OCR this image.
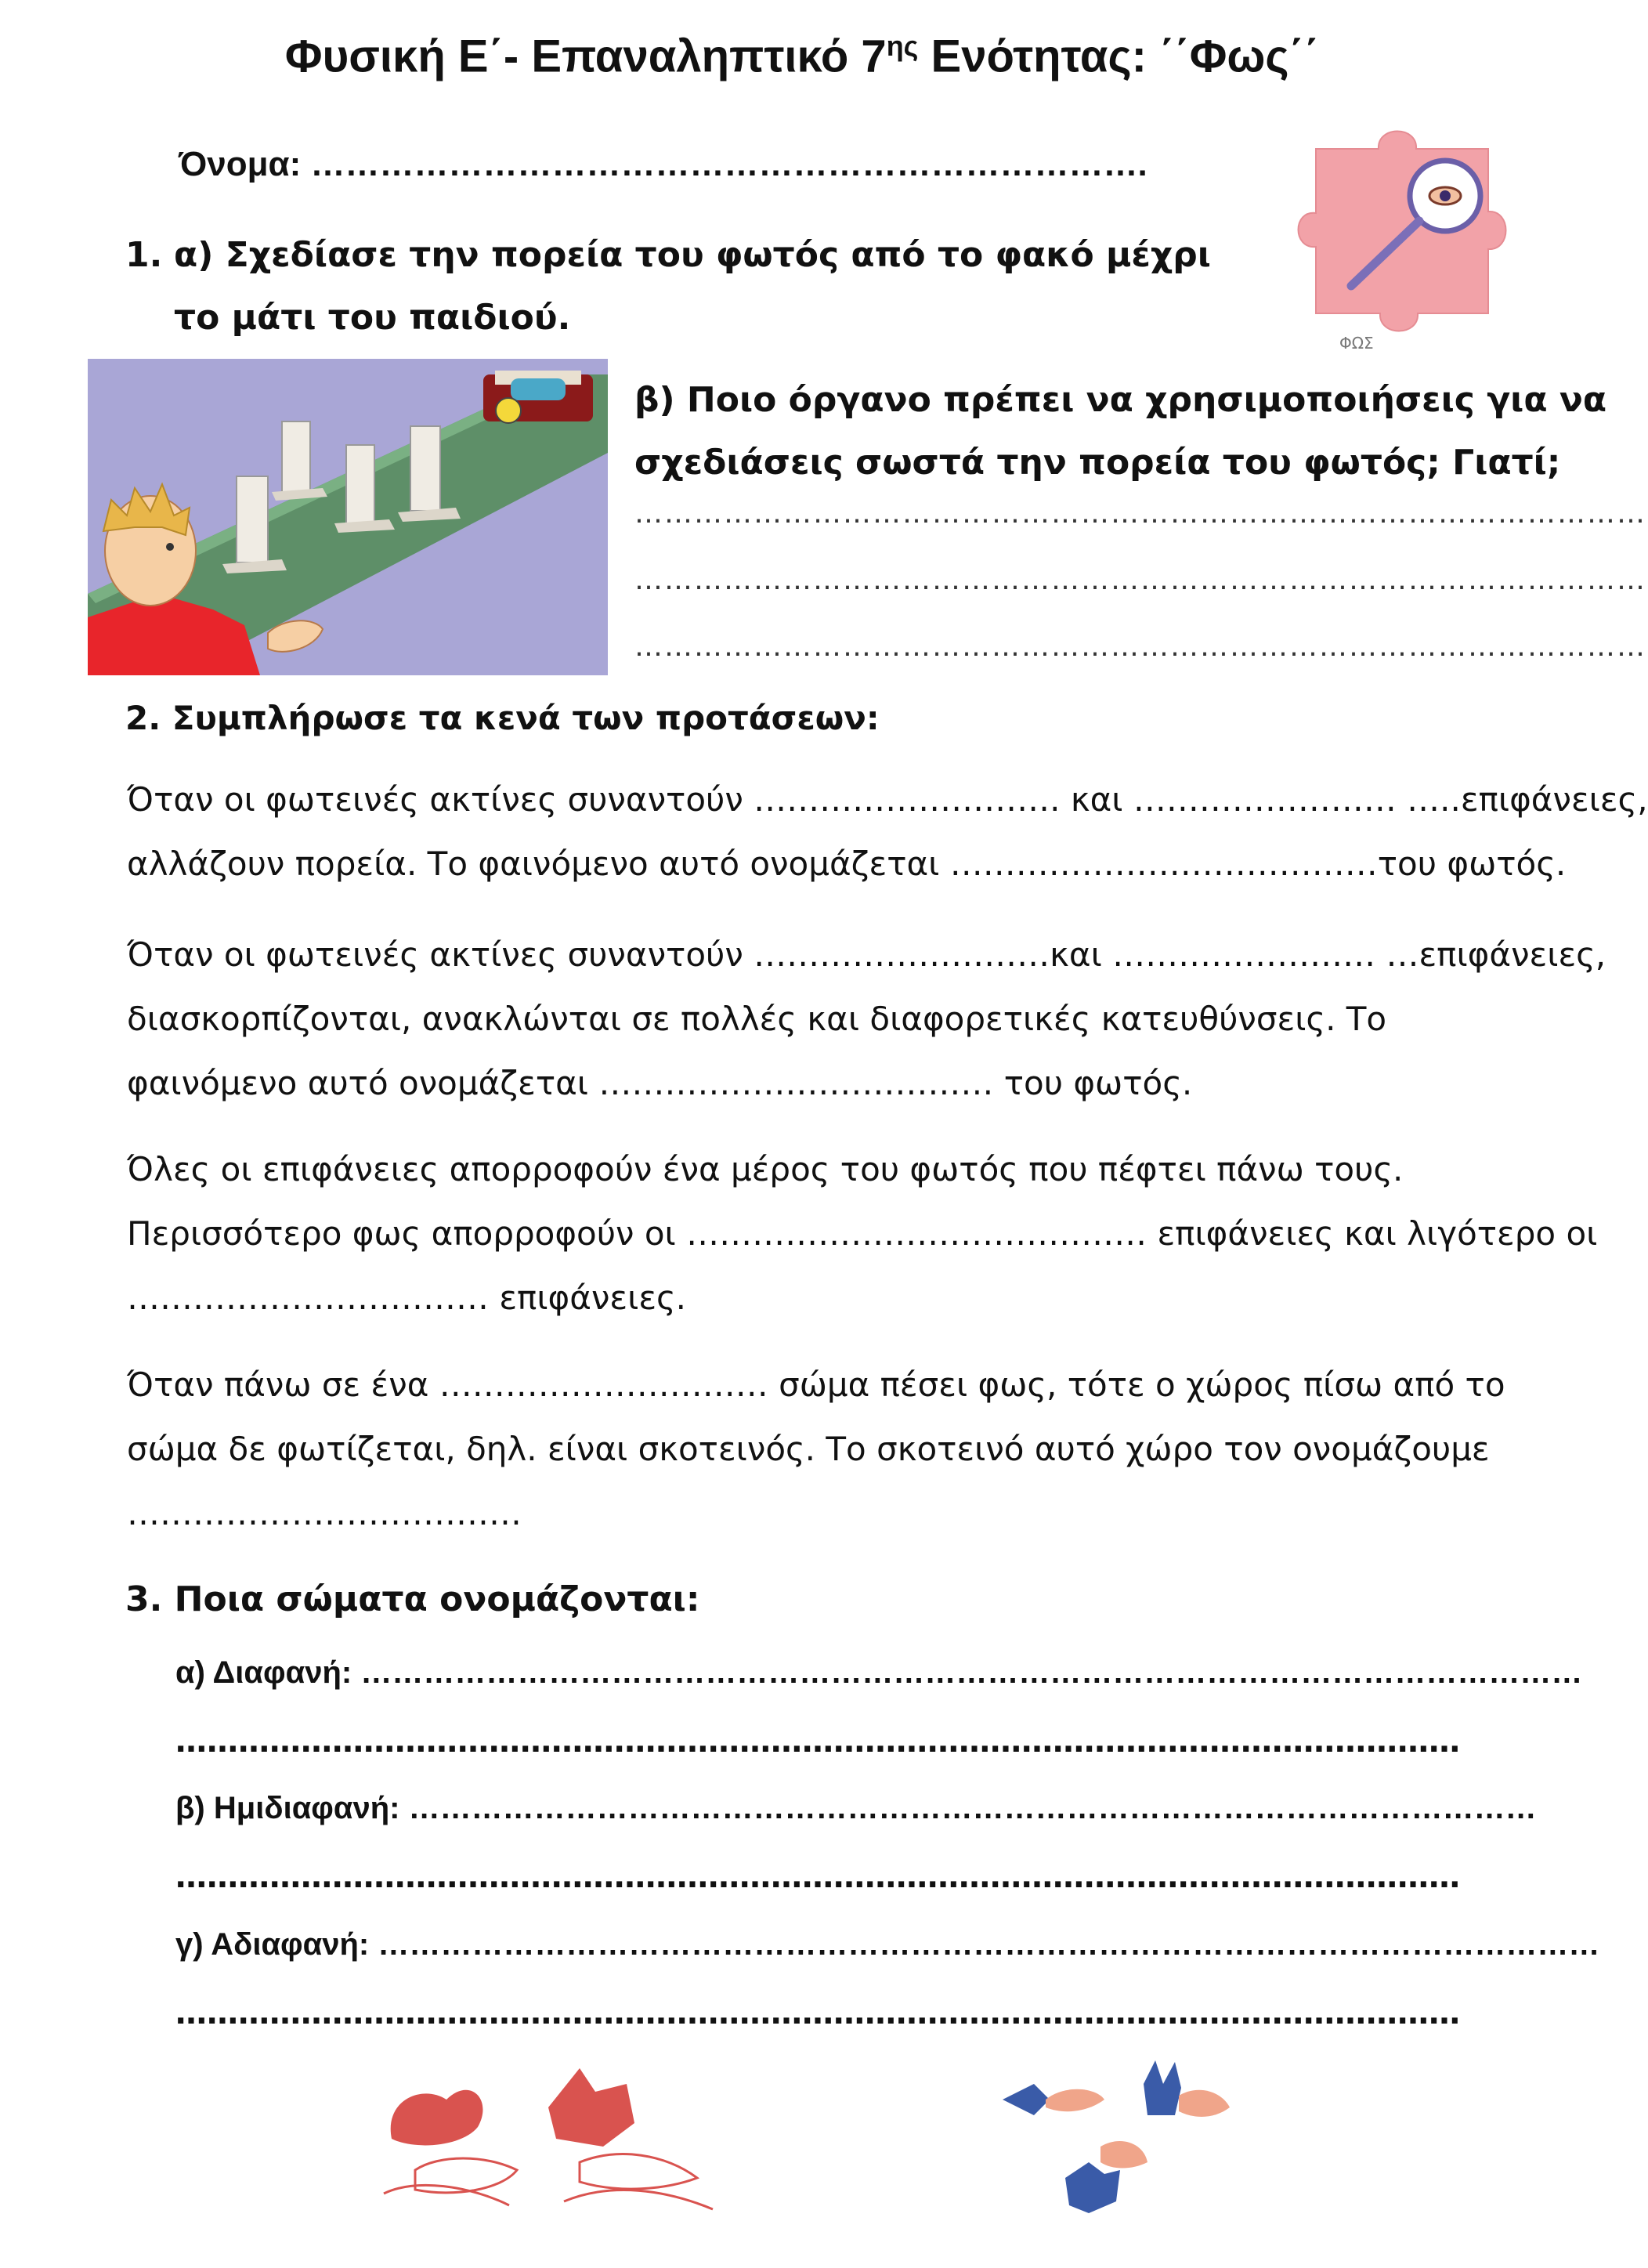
Φυσική Ε΄- Επαναληπτικό $7^{\eta\varsigma}$ Ενότητας: ΄΄Φως΄΄
Όνομα: ……………………………………………………………….
ΦΩΣ
1. α) Σχεδίασε την πορεία του φωτός από το φακό μέχρι
το μάτι του παιδιού.
β) Ποιο όργανο πρέπει να χρησιμοποιήσεις για να
σχεδιάσεις σωστά την πορεία του φωτός; Γιατί;
…………………………………………………………………………………………
…………………………………………………………………………………………
…………………………………………………………………………………………
2. Συμπλήρωσε τα κενά των προτάσεων:

Όταν οι φωτεινές ακτίνες συναντούν ………………………. και …………………… …..επιφάνειες,

αλλάζουν πορεία. Το φαινόμενο αυτό ονομάζεται …………………………………του φωτός.

Όταν οι φωτεινές ακτίνες συναντούν ………………………και …………………… …επιφάνειες,

διασκορπίζονται, ανακλώνται σε πολλές και διαφορετικές κατευθύνσεις. Το

φαινόμενο αυτό ονομάζεται ……………………………… του φωτός.

Όλες οι επιφάνειες απορροφούν ένα μέρος του φωτός που πέφτει πάνω τους.

Περισσότερο φως απορροφούν οι …………………………………… επιφάνειες και λιγότερο οι

…………………………… επιφάνειες.

Όταν πάνω σε ένα ………………………… σώμα πέσει φως, τότε ο χώρος πίσω από το

σώμα δε φωτίζεται, δηλ. είναι σκοτεινός. Το σκοτεινό αυτό χώρο τον ονομάζουμε

………………………………

3. Ποια σώματα ονομάζονται:
α) Διαφανή: ………………………………………………………………………………………………………
……………………………………………………………………………………………………………
β) Ημιδιαφανή: ………………………………………………………………………………………………
……………………………………………………………………………………………………………
γ) Αδιαφανή: ………………………………………………………………………………………………………
……………………………………………………………………………………………………………
